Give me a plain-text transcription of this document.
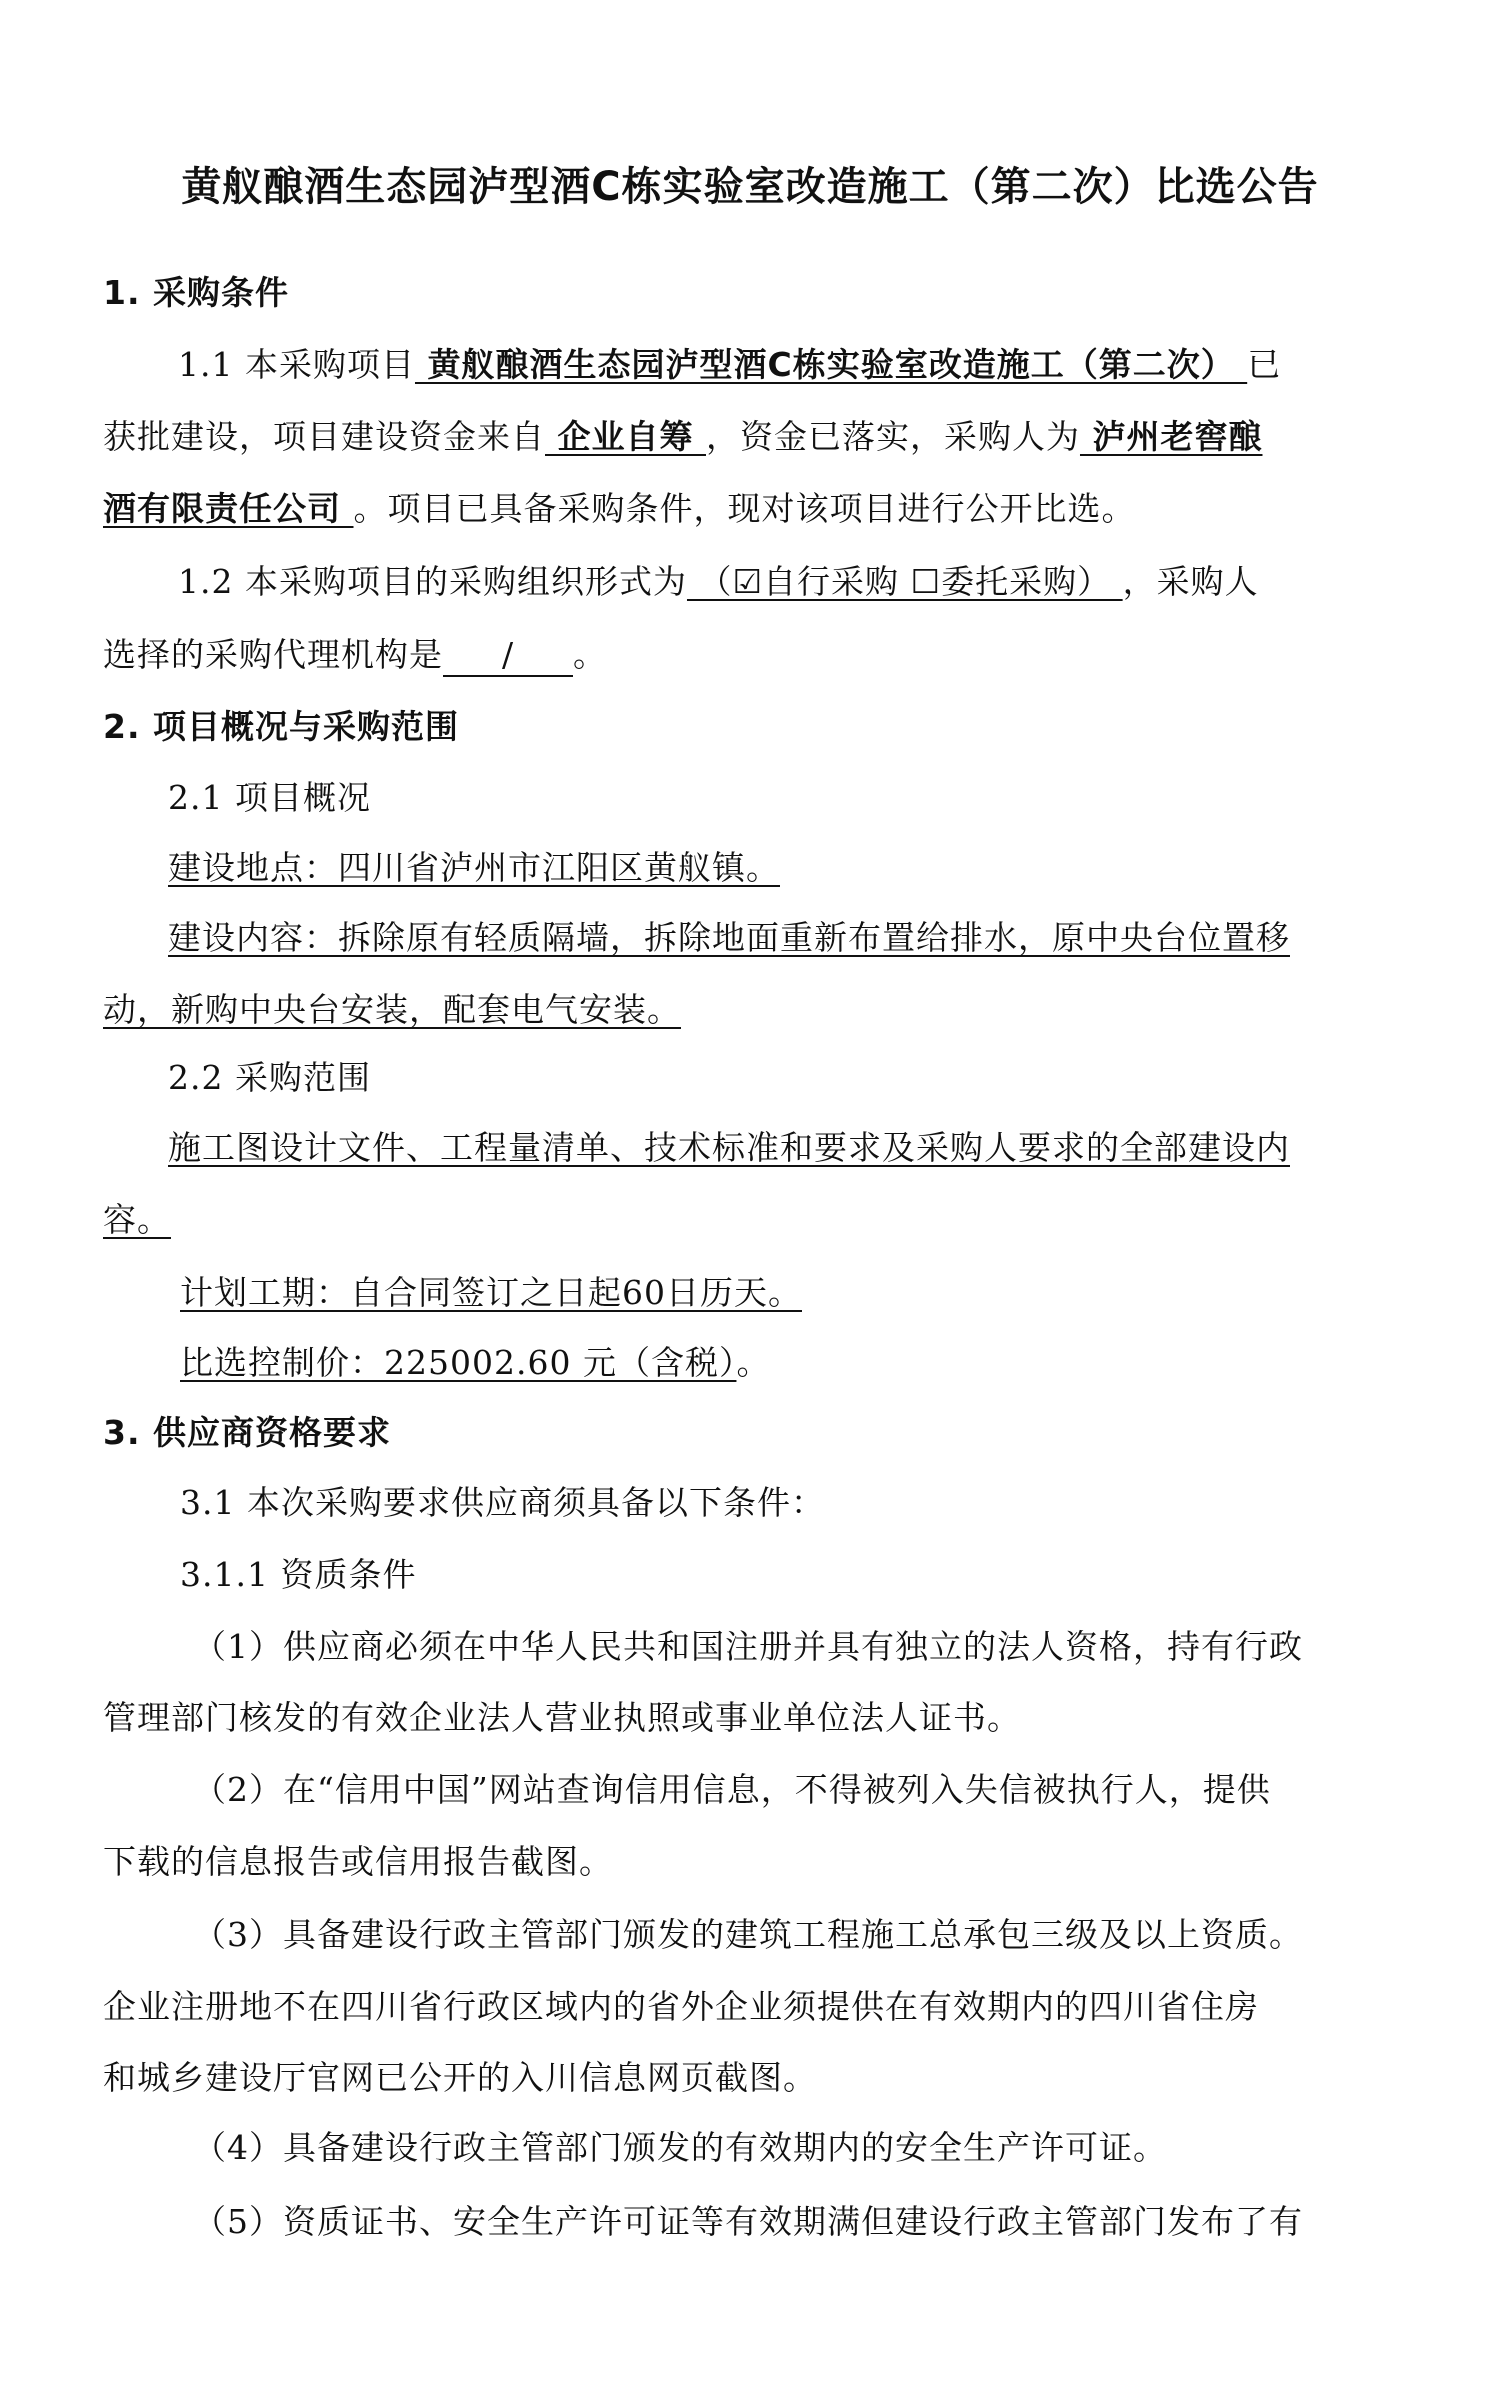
黄舣酿酒生态园泸型酒C栋实验室改造施工（第二次）比选公告
1. 采购条件
1.1 本采购项目 黄舣酿酒生态园泸型酒C栋实验室改造施工（第二次） 已
获批建设，项目建设资金来自 企业自筹 ，资金已落实，采购人为 泸州老窖酿
酒有限责任公司 。项目已具备采购条件，现对该项目进行公开比选。
1.2 本采购项目的采购组织形式为 （☑自行采购 ☐委托采购） ，采购人
选择的采购代理机构是 / 。
2. 项目概况与采购范围
2.1 项目概况
建设地点：四川省泸州市江阳区黄舣镇。
建设内容：拆除原有轻质隔墙，拆除地面重新布置给排水，原中央台位置移
动，新购中央台安装，配套电气安装。
2.2 采购范围
施工图设计文件、工程量清单、技术标准和要求及采购人要求的全部建设内
容。
计划工期：自合同签订之日起60日历天。
比选控制价：225002.60 元（含税）。
3. 供应商资格要求
3.1 本次采购要求供应商须具备以下条件：
3.1.1 资质条件
（1）供应商必须在中华人民共和国注册并具有独立的法人资格，持有行政
管理部门核发的有效企业法人营业执照或事业单位法人证书。
（2）在“信用中国”网站查询信用信息，不得被列入失信被执行人，提供
下载的信息报告或信用报告截图。
（3）具备建设行政主管部门颁发的建筑工程施工总承包三级及以上资质。
企业注册地不在四川省行政区域内的省外企业须提供在有效期内的四川省住房
和城乡建设厅官网已公开的入川信息网页截图。
（4）具备建设行政主管部门颁发的有效期内的安全生产许可证。
（5）资质证书、安全生产许可证等有效期满但建设行政主管部门发布了有
